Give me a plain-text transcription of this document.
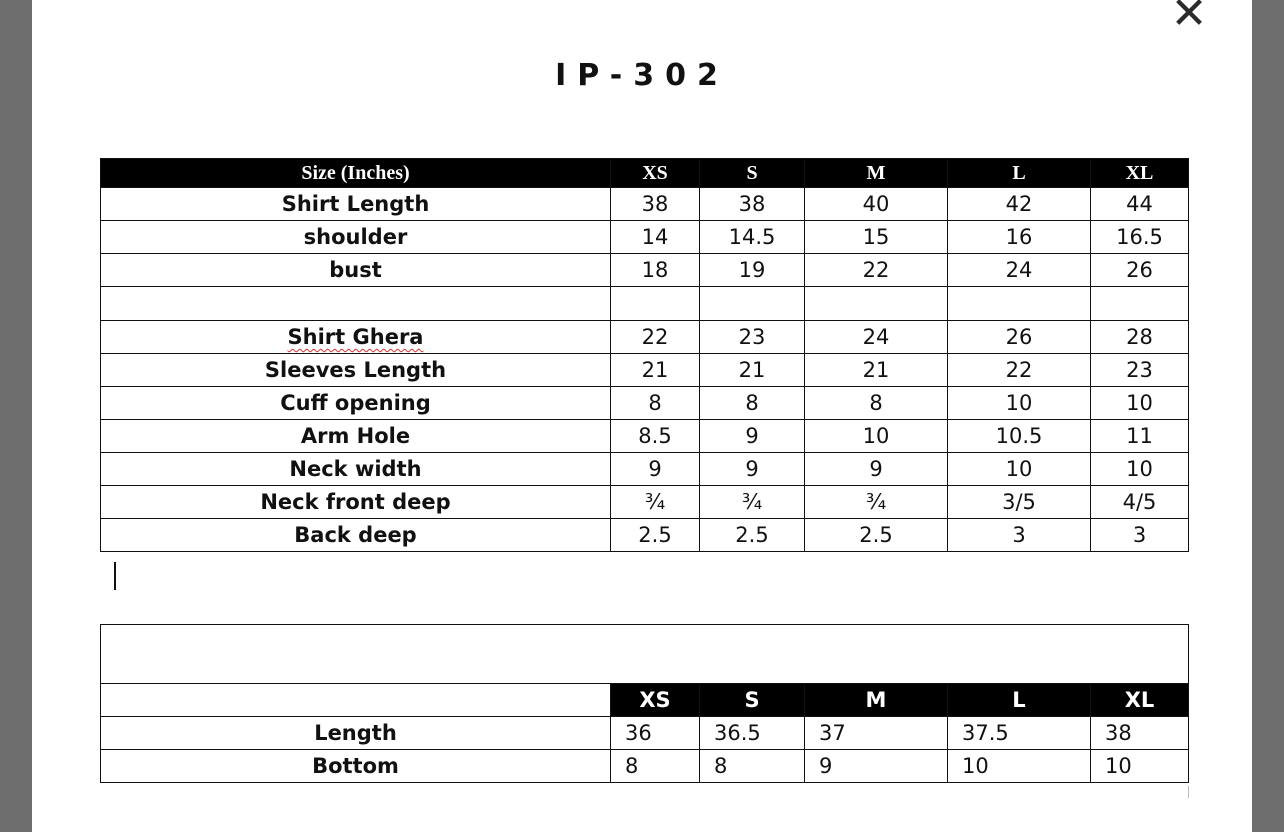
✕
IP-302
Size (Inches)	XS	S	M	L	XL
Shirt Length	38	38	40	42	44
shoulder	14	14.5	15	16	16.5
bust	18	19	22	24	26

Shirt Ghera	22	23	24	26	28
Sleeves Length	21	21	21	22	23
Cuff opening	8	8	8	10	10
Arm Hole	8.5	9	10	10.5	11
Neck width	9	9	9	10	10
Neck front deep	¾	¾	¾	3/5	4/5
Back deep	2.5	2.5	2.5	3	3

	XS	S	M	L	XL
Length	36	36.5	37	37.5	38
Bottom	8	8	9	10	10
